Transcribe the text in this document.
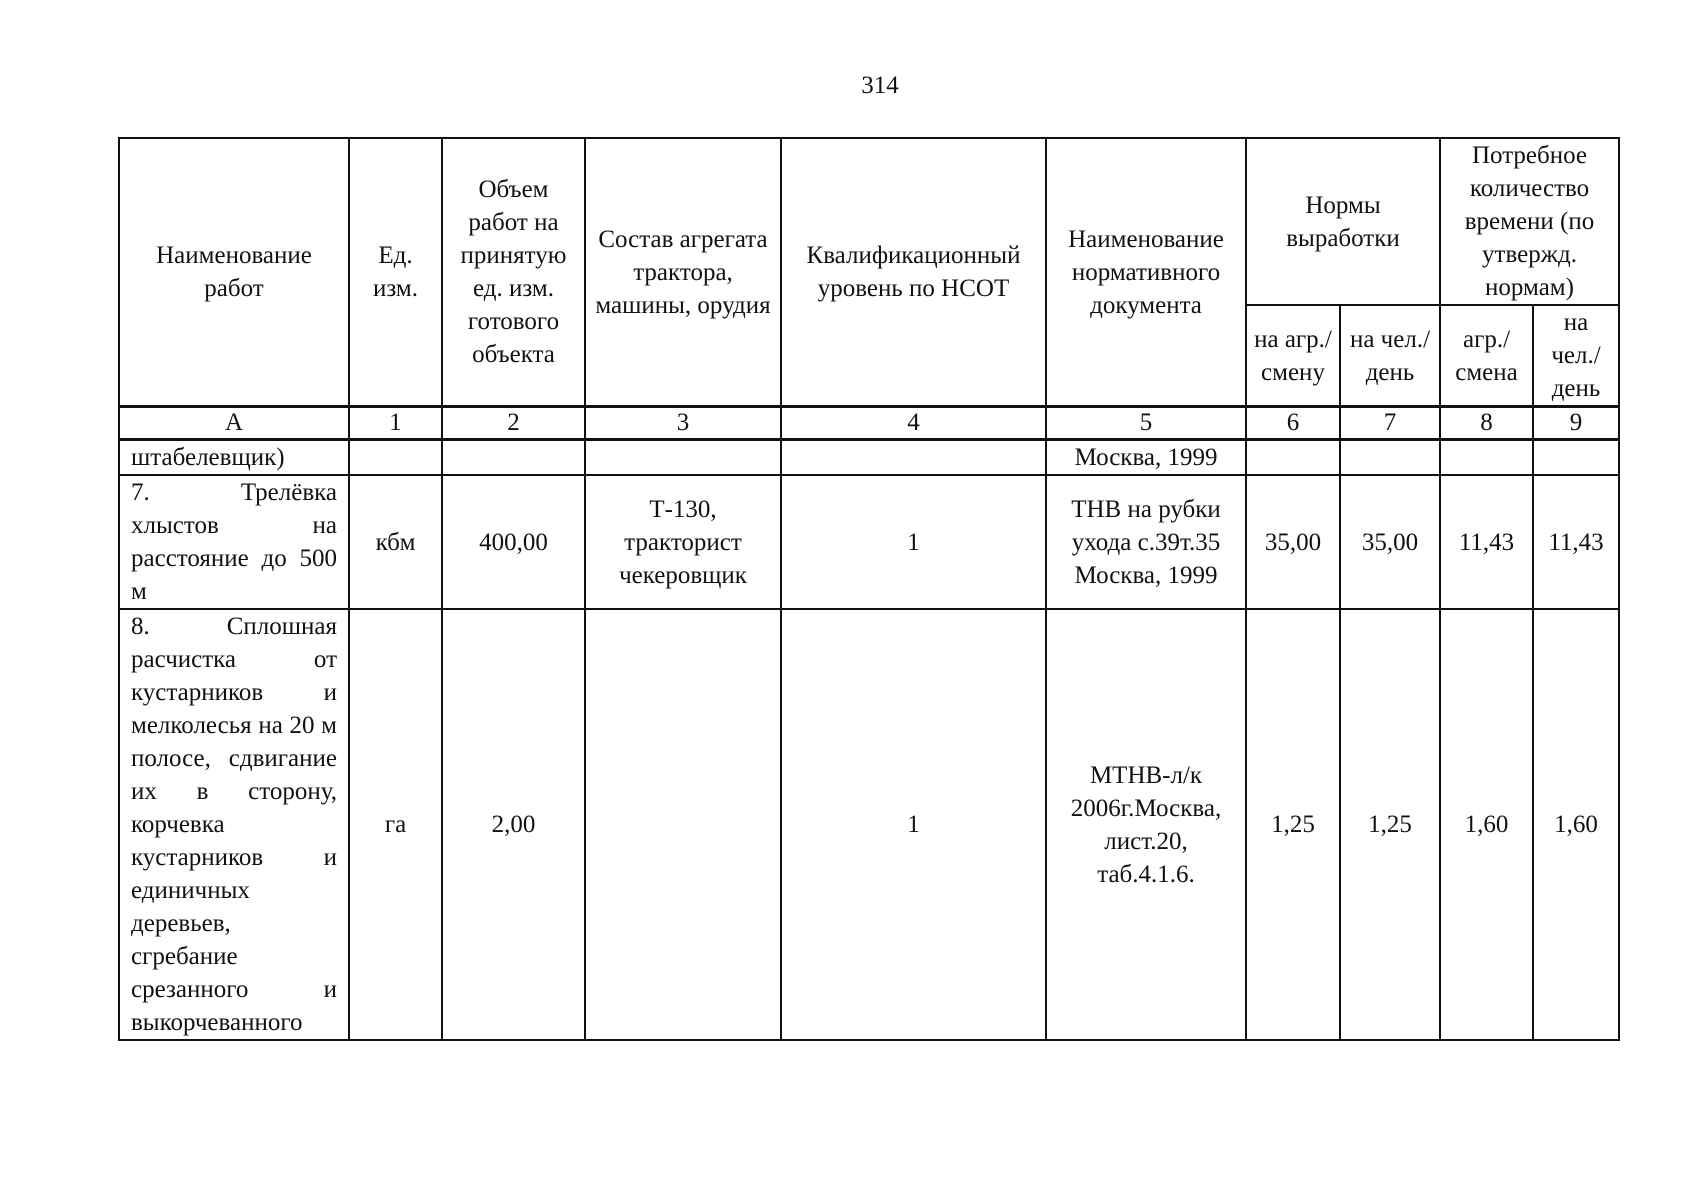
314
Наименование работ	Ед. изм.	Объем работ на принятую ед. изм. готового объекта	Состав агрегата трактора, машины, орудия	Квалификационный уровень по НСОТ	Наименование нормативного документа	Нормы выработки		Потребное количество времени (по утвержд. нормам)	
						на агр./ смену	на чел./ день	агр./ смена	на чел./ день
А	1	2	3	4	5	6	7	8	9
штабелевщик)					Москва, 1999				
7. Трелёвка хлыстов на расстояние до 500 м	кбм	400,00	Т-130, тракторист чекеровщик	1	ТНВ на рубки ухода с.39т.35 Москва, 1999	35,00	35,00	11,43	11,43
8. Сплошная расчистка от кустарников и мелколесья на 20 м полосе, сдвигание их в сторону, корчевка кустарников и единичных деревьев, сгребание срезанного и выкорчеванного	га	2,00		1	МТНВ-л/к 2006г.Москва, лист.20, таб.4.1.6.	1,25	1,25	1,60	1,60
